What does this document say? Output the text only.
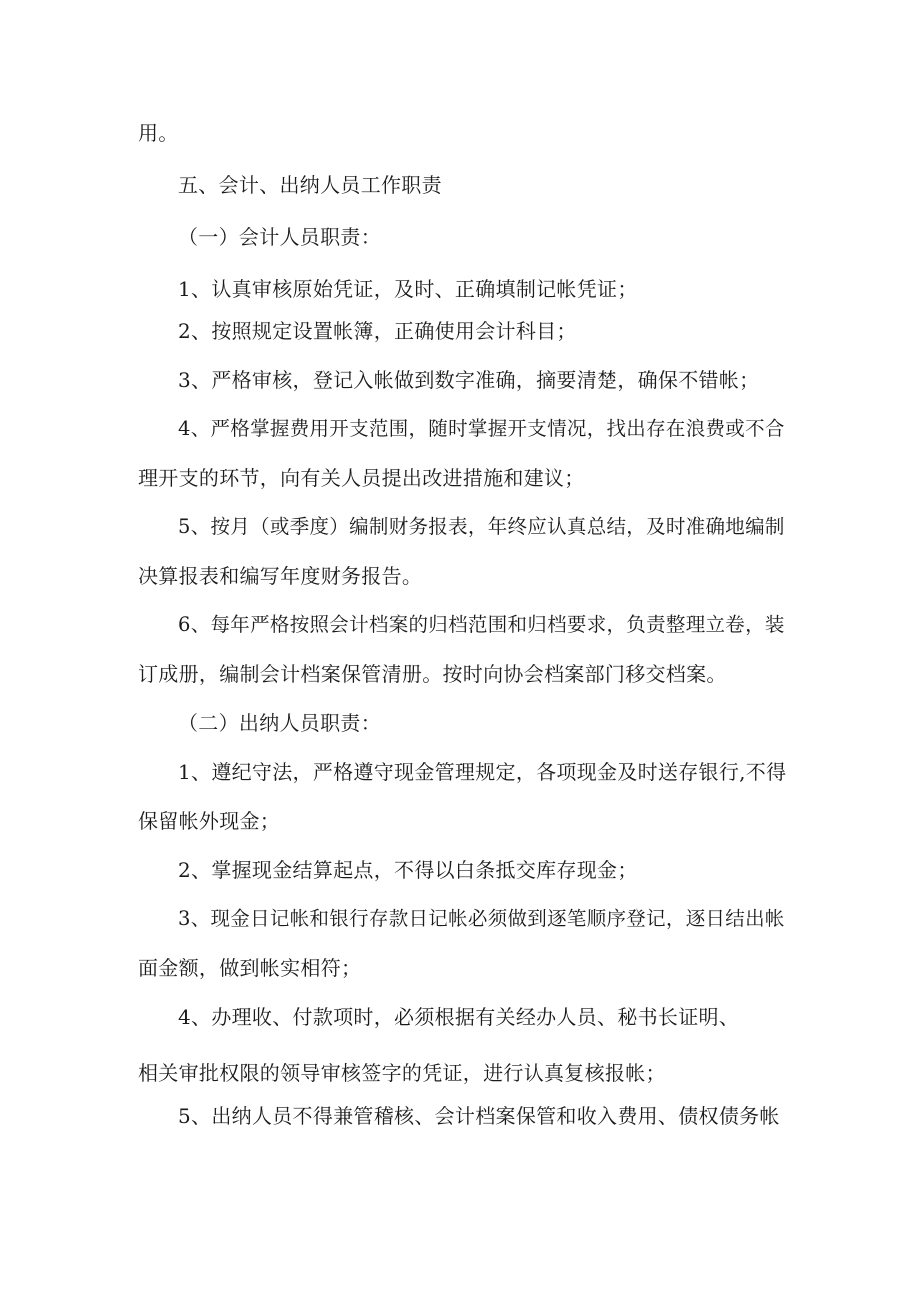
用。
五、会计、出纳人员工作职责
（一）会计人员职责：
1、认真审核原始凭证，及时、正确填制记帐凭证；
2、按照规定设置帐簿，正确使用会计科目；
3、严格审核，登记入帐做到数字准确，摘要清楚，确保不错帐；
4、严格掌握费用开支范围，随时掌握开支情况，找出存在浪费或不合
理开支的环节，向有关人员提出改进措施和建议；
5、按月（或季度）编制财务报表，年终应认真总结，及时准确地编制
决算报表和编写年度财务报告。
6、每年严格按照会计档案的归档范围和归档要求，负责整理立卷，装
订成册，编制会计档案保管清册。按时向协会档案部门移交档案。
（二）出纳人员职责：
1、遵纪守法，严格遵守现金管理规定，各项现金及时送存银行,不得
保留帐外现金；
2、掌握现金结算起点，不得以白条抵交库存现金；
3、现金日记帐和银行存款日记帐必须做到逐笔顺序登记，逐日结出帐
面金额，做到帐实相符；
4、办理收、付款项时，必须根据有关经办人员、秘书长证明、
相关审批权限的领导审核签字的凭证，进行认真复核报帐；
5、出纳人员不得兼管稽核、会计档案保管和收入费用、债权债务帐
